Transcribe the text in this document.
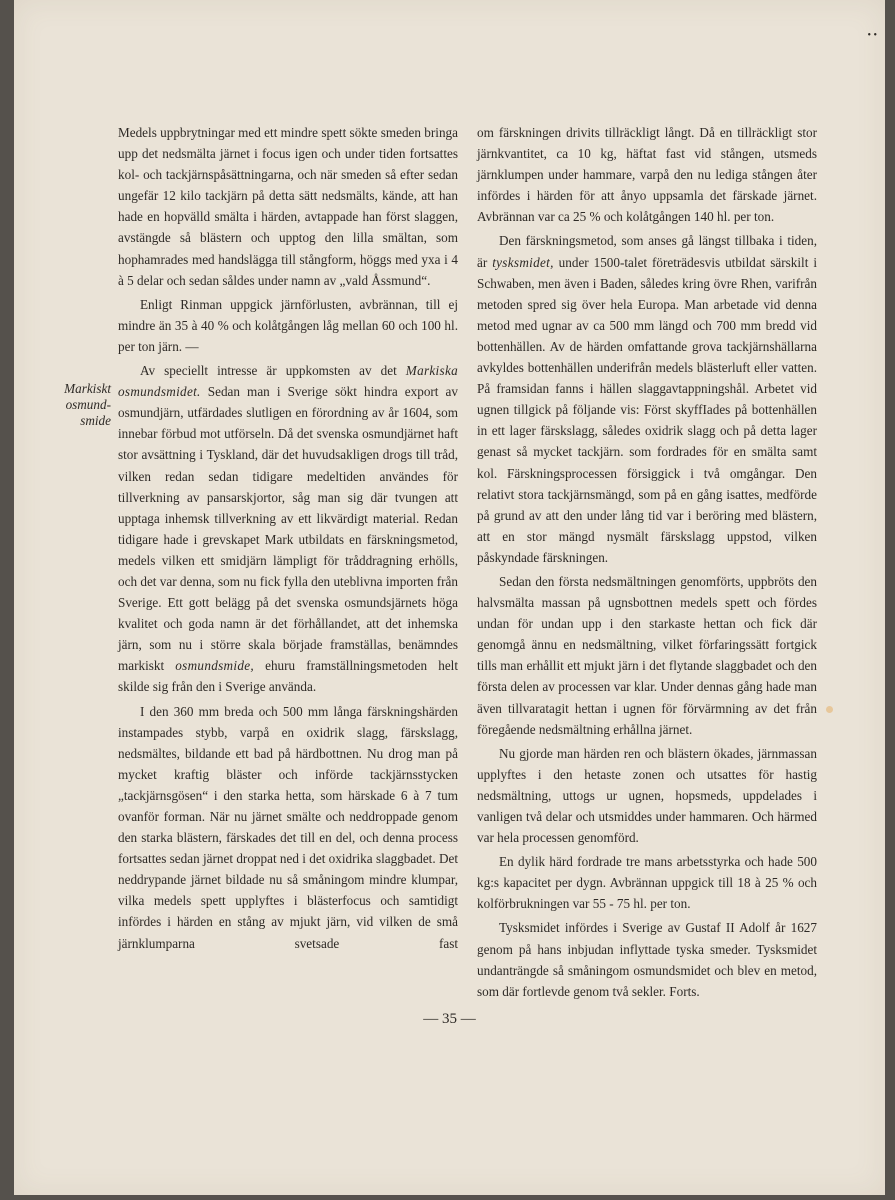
Markiskt osmund-smide

Medels uppbrytningar med ett mindre spett sökte smeden bringa upp det nedsmälta järnet i focus igen och under tiden fortsattes kol- och tackjärnspåsättningarna, och när smeden så efter sedan ungefär 12 kilo tackjärn på detta sätt nedsmälts, kände, att han hade en hopvälld smälta i härden, avtappade han först slaggen, avstängde så blästern och upptog den lilla smältan, som hophamrades med handslägga till stångform, höggs med yxa i 4 à 5 delar och sedan såldes under namn av „vald Åssmund“.

Enligt Rinman uppgick järnförlusten, avbrännan, till ej mindre än 35 à 40 % och kolåtgången låg mellan 60 och 100 hl. per ton järn. —

Av speciellt intresse är uppkomsten av det Markiska osmundsmidet. Sedan man i Sverige sökt hindra export av osmundjärn, utfärdades slutligen en förordning av år 1604, som innebar förbud mot utförseln. Då det svenska osmundjärnet haft stor avsättning i Tyskland, där det huvudsakligen drogs till tråd, vilken redan sedan tidigare medeltiden användes för tillverkning av pansarskjortor, såg man sig där tvungen att upptaga inhemsk tillverkning av ett likvärdigt material. Redan tidigare hade i grevskapet Mark utbildats en färskningsmetod, medels vilken ett smidjärn lämpligt för tråddragning erhölls, och det var denna, som nu fick fylla den uteblivna importen från Sverige. Ett gott belägg på det svenska osmundsjärnets höga kvalitet och goda namn är det förhållandet, att det inhemska järn, som nu i större skala började framställas, benämndes markiskt osmundsmide, ehuru framställningsmetoden helt skilde sig från den i Sverige använda.

I den 360 mm breda och 500 mm långa färskningshärden instampades stybb, varpå en oxidrik slagg, färskslagg, nedsmältes, bildande ett bad på härdbottnen. Nu drog man på mycket kraftig bläster och införde tackjärnsstycken „tackjärnsgösen“ i den starka hetta, som härskade 6 à 7 tum ovanför forman. När nu järnet smälte och neddroppade genom den starka blästern, färskades det till en del, och denna process fortsattes sedan järnet droppat ned i det oxidrika slaggbadet. Det neddrypande järnet bildade nu så småningom mindre klumpar, vilka medels spett upplyftes i blästerfocus och samtidigt infördes i härden en stång av mjukt järn, vid vilken de små järnklumparna svetsade fast

om färskningen drivits tillräckligt långt. Då en tillräckligt stor järnkvantitet, ca 10 kg, häftat fast vid stången, utsmeds järnklumpen under hammare, varpå den nu lediga stången åter infördes i härden för att ånyo uppsamla det färskade järnet. Avbrännan var ca 25 % och kolåtgången 140 hl. per ton.

Den färskningsmetod, som anses gå längst tillbaka i tiden, är tysksmidet, under 1500-talet företrädesvis utbildat särskilt i Schwaben, men även i Baden, således kring övre Rhen, varifrån metoden spred sig över hela Europa. Man arbetade vid denna metod med ugnar av ca 500 mm längd och 700 mm bredd vid bottenhällen. Av de härden omfattande grova tackjärnshällarna avkyldes bottenhällen underifrån medels blästerluft eller vatten. På framsidan fanns i hällen slaggavtappningshål. Arbetet vid ugnen tillgick på följande vis: Först skyffIades på bottenhällen in ett lager färskslagg, således oxidrik slagg och på detta lager genast så mycket tackjärn. som fordrades för en smälta samt kol. Färskningsprocessen försiggick i två omgångar. Den relativt stora tackjärnsmängd, som på en gång isattes, medförde på grund av att den under lång tid var i beröring med blästern, att en stor mängd nysmält färskslagg uppstod, vilken påskyndade färskningen.

Sedan den första nedsmältningen genomförts, uppbröts den halvsmälta massan på ugnsbottnen medels spett och fördes undan för undan upp i den starkaste hettan och fick där genomgå ännu en nedsmältning, vilket förfaringssätt fortgick tills man erhållit ett mjukt järn i det flytande slaggbadet och den första delen av processen var klar. Under dennas gång hade man även tillvaratagit hettan i ugnen för förvärmning av det från föregående nedsmältning erhållna järnet.

Nu gjorde man härden ren och blästern ökades, järnmassan upplyftes i den hetaste zonen och utsattes för hastig nedsmältning, uttogs ur ugnen, hopsmeds, uppdelades i vanligen två delar och utsmiddes under hammaren. Och härmed var hela processen genomförd.

En dylik härd fordrade tre mans arbetsstyrka och hade 500 kg:s kapacitet per dygn. Avbrännan uppgick till 18 à 25 % och kolförbrukningen var 55 - 75 hl. per ton.

Tysksmidet infördes i Sverige av Gustaf II Adolf år 1627 genom på hans inbjudan inflyttade tyska smeder. Tysksmidet undanträngde så småningom osmundsmidet och blev en metod, som där fortlevde genom två sekler. Forts.

— 35 —
• •
